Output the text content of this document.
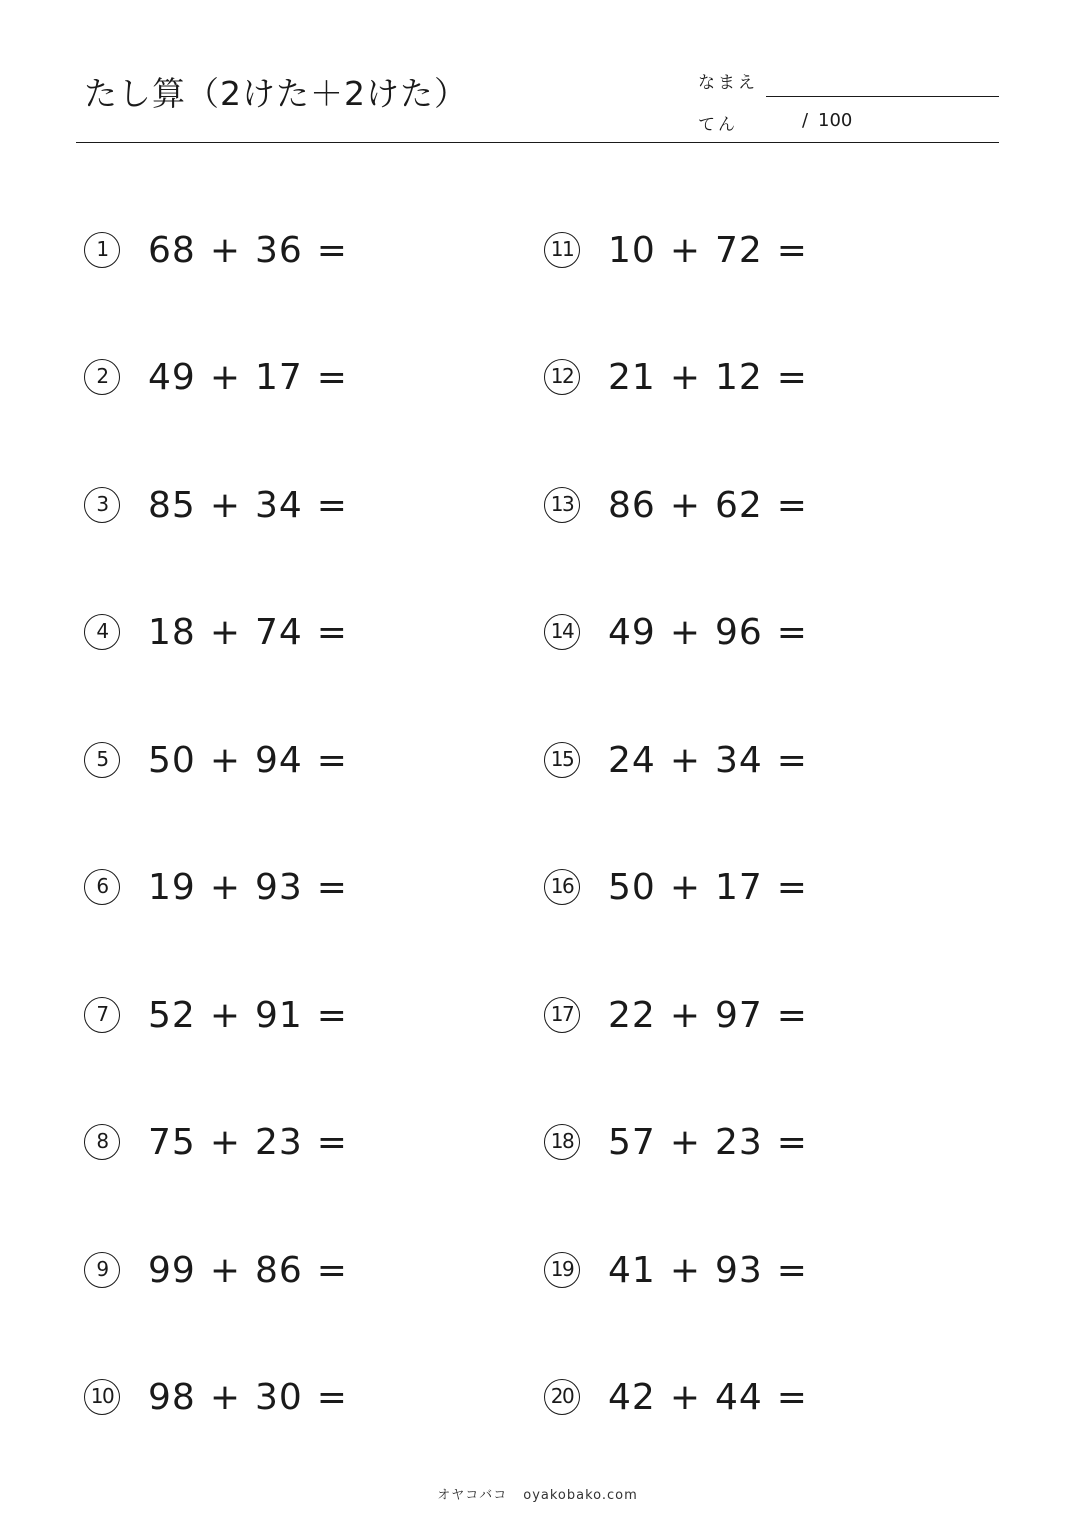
たし算（2けた＋2けた）	なまえ
てん	/ 100
1	68 + 36 =
2	49 + 17 =
3	85 + 34 =
4	18 + 74 =
5	50 + 94 =
6	19 + 93 =
7	52 + 91 =
8	75 + 23 =
9	99 + 86 =
10 98 + 30 =
11 10 + 72 =
12 21 + 12 =
13 86 + 62 =
14 49 + 96 =
15 24 + 34 =
16 50 + 17 =
17 22 + 97 =
18 57 + 23 =
19 41 + 93 =
20 42 + 44 =
オヤコバコ oyakobako.com
